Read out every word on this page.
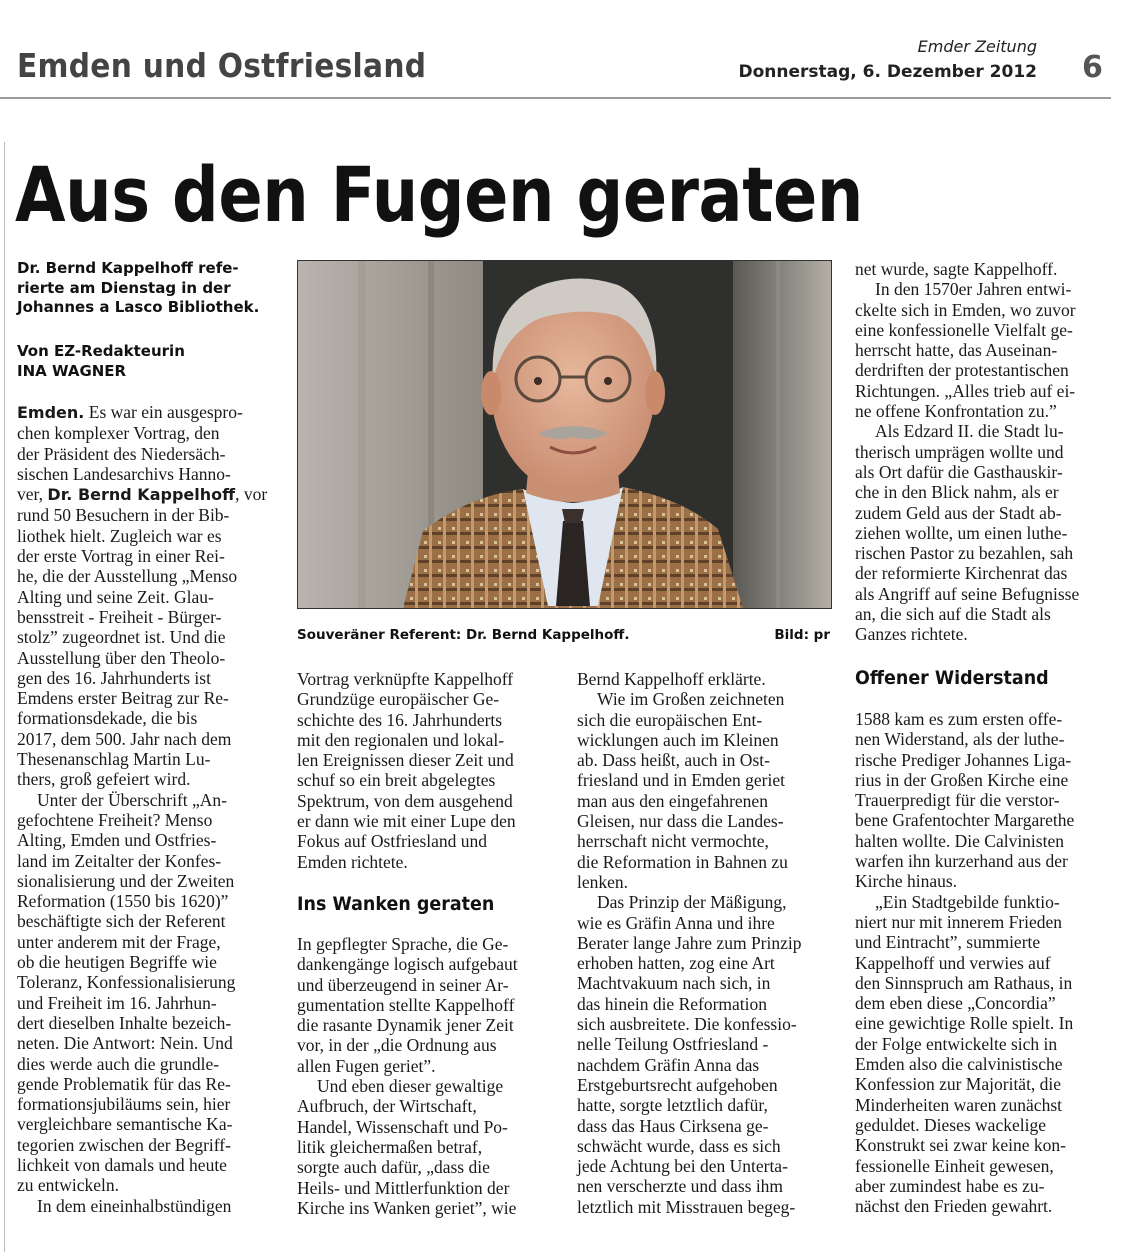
Emden und Ostfriesland	Emder Zeitung
Donnerstag, 6. Dezember 2012 6
Aus den Fugen geraten
Dr. Bernd Kappelhoff refe-
rierte am Dienstag in der
Johannes a Lasco Bibliothek.
Von EZ-Redakteurin
INA WAGNER
Emden. Es war ein ausgespro-
chen komplexer Vortrag, den
der Präsident des Niedersäch-
sischen Landesarchivs Hanno-
ver, Dr. Bernd Kappelhoff, vor
rund 50 Besuchern in der Bib-
liothek hielt. Zugleich war es
der erste Vortrag in einer Rei-
he, die der Ausstellung „Menso
Alting und seine Zeit. Glau-
bensstreit - Freiheit - Bürger-
stolz” zugeordnet ist. Und die
Ausstellung über den Theolo-
gen des 16. Jahrhunderts ist
Emdens erster Beitrag zur Re-
formationsdekade, die bis
2017, dem 500. Jahr nach dem
Thesenanschlag Martin Lu-
thers, groß gefeiert wird.
Unter der Überschrift „An-
gefochtene Freiheit? Menso
Alting, Emden und Ostfries-
land im Zeitalter der Konfes-
sionalisierung und der Zweiten
Reformation (1550 bis 1620)”
beschäftigte sich der Referent
unter anderem mit der Frage,
ob die heutigen Begriffe wie
Toleranz, Konfessionalisierung
und Freiheit im 16. Jahrhun-
dert dieselben Inhalte bezeich-
neten. Die Antwort: Nein. Und
dies werde auch die grundle-
gende Problematik für das Re-
formationsjubiläums sein, hier
vergleichbare semantische Ka-
tegorien zwischen der Begriff-
lichkeit von damals und heute
zu entwickeln.
In dem eineinhalbstündigen
Souveräner Referent: Dr. Bernd Kappelhoff.	Bild: pr
Vortrag verknüpfte Kappelhoff
Grundzüge europäischer Ge-
schichte des 16. Jahrhunderts
mit den regionalen und lokal-
len Ereignissen dieser Zeit und
schuf so ein breit abgelegtes
Spektrum, von dem ausgehend
er dann wie mit einer Lupe den
Fokus auf Ostfriesland und
Emden richtete.
Ins Wanken geraten
In gepflegter Sprache, die Ge-
dankengänge logisch aufgebaut
und überzeugend in seiner Ar-
gumentation stellte Kappelhoff
die rasante Dynamik jener Zeit
vor, in der „die Ordnung aus
allen Fugen geriet”.
Und eben dieser gewaltige
Aufbruch, der Wirtschaft,
Handel, Wissenschaft und Po-
litik gleichermaßen betraf,
sorgte auch dafür, „dass die
Heils- und Mittlerfunktion der
Kirche ins Wanken geriet”, wie
Bernd Kappelhoff erklärte.
Wie im Großen zeichneten
sich die europäischen Ent-
wicklungen auch im Kleinen
ab. Dass heißt, auch in Ost-
friesland und in Emden geriet
man aus den eingefahrenen
Gleisen, nur dass die Landes-
herrschaft nicht vermochte,
die Reformation in Bahnen zu
lenken.
Das Prinzip der Mäßigung,
wie es Gräfin Anna und ihre
Berater lange Jahre zum Prinzip
erhoben hatten, zog eine Art
Machtvakuum nach sich, in
das hinein die Reformation
sich ausbreitete. Die konfessio-
nelle Teilung Ostfriesland -
nachdem Gräfin Anna das
Erstgeburtsrecht aufgehoben
hatte, sorgte letztlich dafür,
dass das Haus Cirksena ge-
schwächt wurde, dass es sich
jede Achtung bei den Unterta-
nen verscherzte und dass ihm
letztlich mit Misstrauen begeg-
net wurde, sagte Kappelhoff.
In den 1570er Jahren entwi-
ckelte sich in Emden, wo zuvor
eine konfessionelle Vielfalt ge-
herrscht hatte, das Auseinan-
derdriften der protestantischen
Richtungen. „Alles trieb auf ei-
ne offene Konfrontation zu.”
Als Edzard II. die Stadt lu-
therisch umprägen wollte und
als Ort dafür die Gasthauskir-
che in den Blick nahm, als er
zudem Geld aus der Stadt ab-
ziehen wollte, um einen luthe-
rischen Pastor zu bezahlen, sah
der reformierte Kirchenrat das
als Angriff auf seine Befugnisse
an, die sich auf die Stadt als
Ganzes richtete.
Offener Widerstand
1588 kam es zum ersten offe-
nen Widerstand, als der luthe-
rische Prediger Johannes Liga-
rius in der Großen Kirche eine
Trauerpredigt für die verstor-
bene Grafentochter Margarethe
halten wollte. Die Calvinisten
warfen ihn kurzerhand aus der
Kirche hinaus.
„Ein Stadtgebilde funktio-
niert nur mit innerem Frieden
und Eintracht”, summierte
Kappelhoff und verwies auf
den Sinnspruch am Rathaus, in
dem eben diese „Concordia”
eine gewichtige Rolle spielt. In
der Folge entwickelte sich in
Emden also die calvinistische
Konfession zur Majorität, die
Minderheiten waren zunächst
geduldet. Dieses wackelige
Konstrukt sei zwar keine kon-
fessionelle Einheit gewesen,
aber zumindest habe es zu-
nächst den Frieden gewahrt.
